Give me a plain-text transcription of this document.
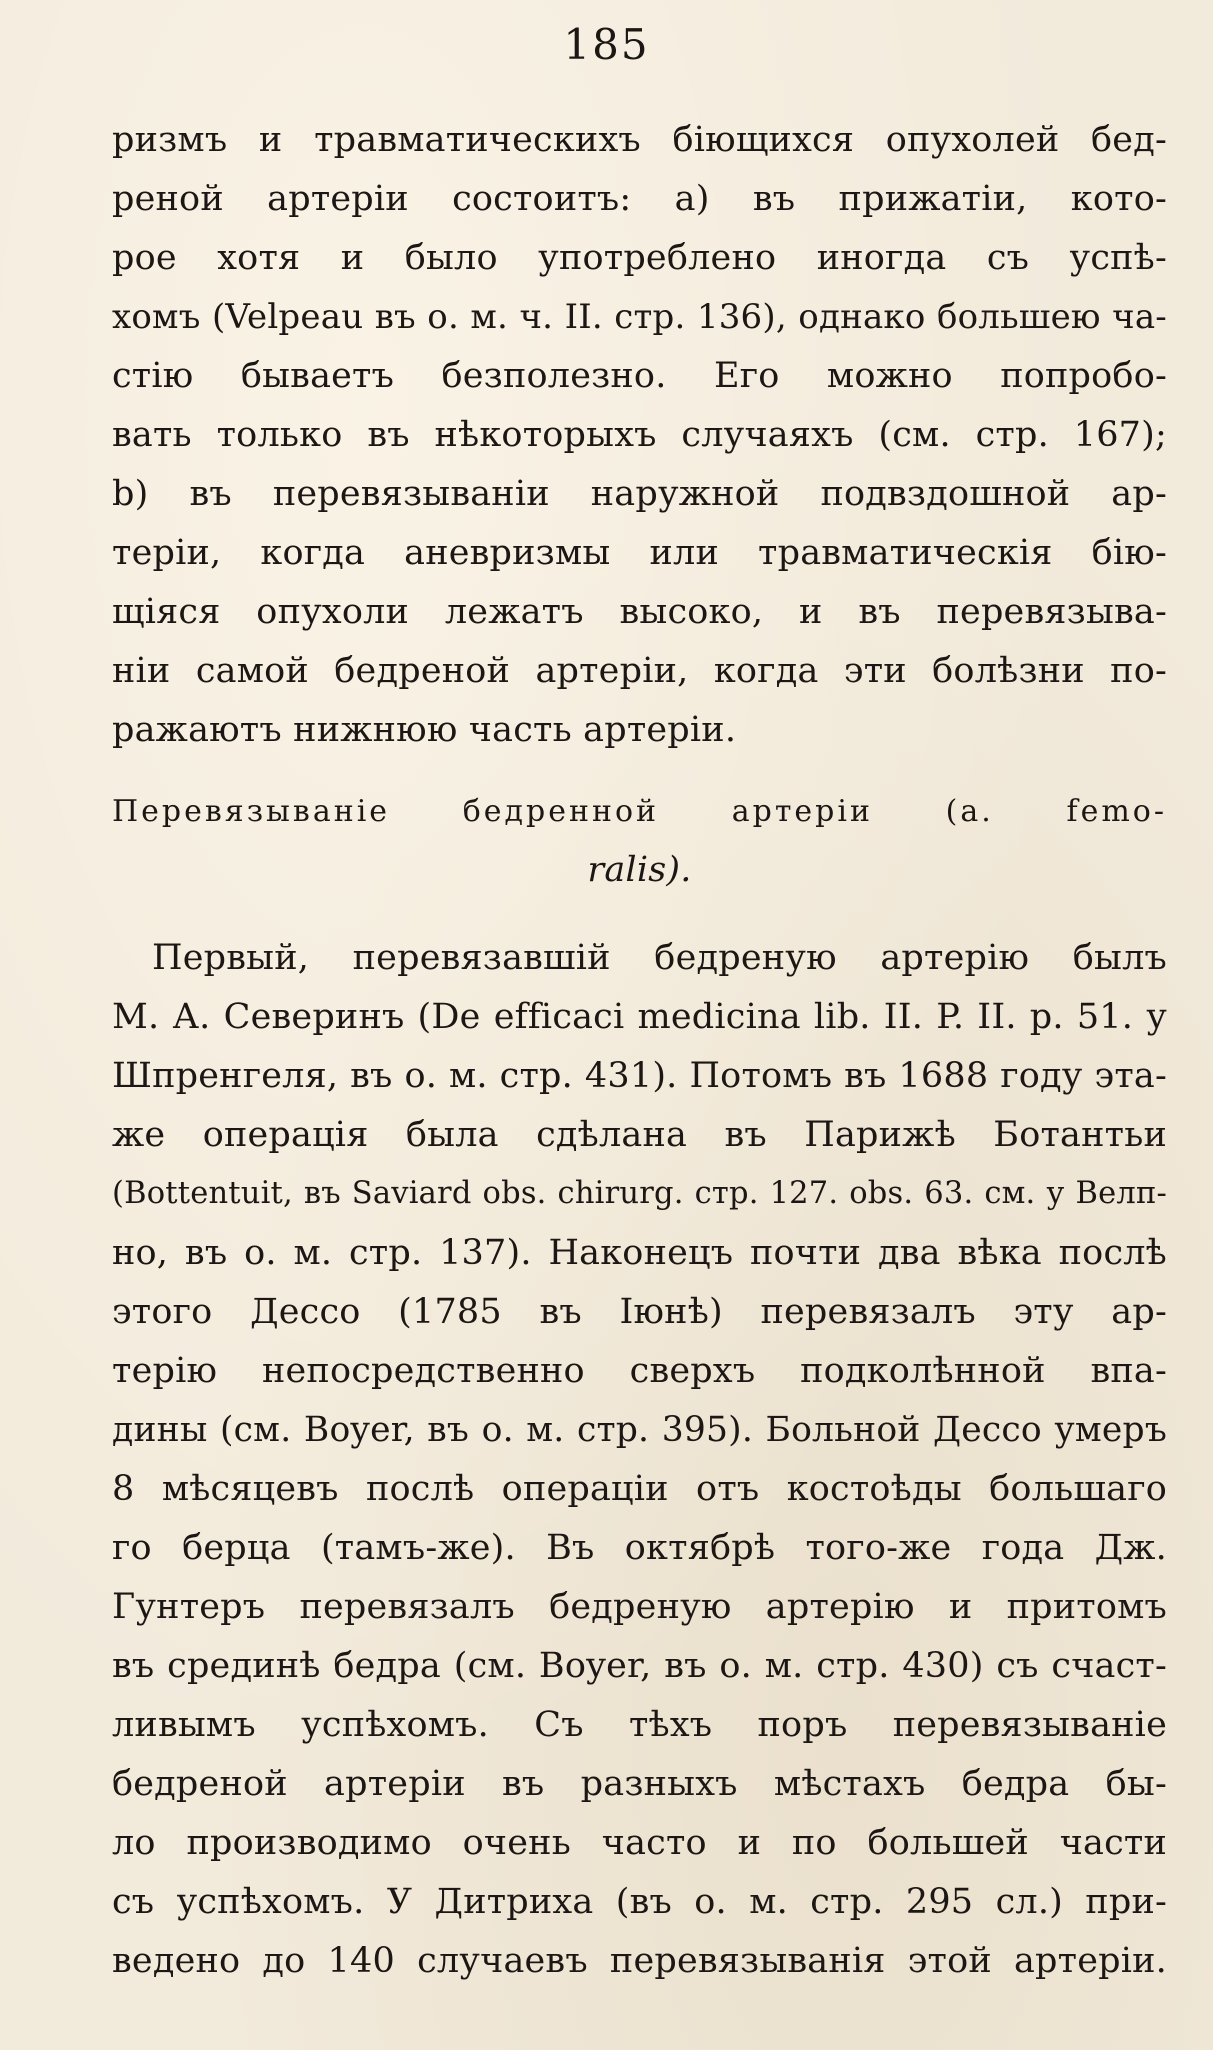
185
ризмъ и травматическихъ біющихся опухолей бед-
реной артеріи состоитъ: а) въ прижатіи, кото-
рое хотя и было употреблено иногда съ успѣ-
хомъ (Velpeau въ о. м. ч. II. стр. 136), однако большею ча-
стію бываетъ безполезно. Его можно попробо-
вать только въ нѣкоторыхъ случаяхъ (см. стр. 167);
b) въ перевязываніи наружной подвздошной ар-
теріи, когда аневризмы или травматическія бію-
щіяся опухоли лежатъ высоко, и въ перевязыва-
ніи самой бедреной артеріи, когда эти болѣзни по-
ражаютъ нижнюю часть артеріи.
Перевязываніе бедренной артеріи (a. femo-
ralis).
Первый, перевязавшій бедреную артерію былъ
М. А. Северинъ (De efficaci medicina lib. II. P. II. p. 51. у
Шпренгеля, въ о. м. стр. 431). Потомъ въ 1688 году эта-
же операція была сдѣлана въ Парижѣ Ботантьи
(Bottentuit, въ Saviard obs. chirurg. стр. 127. obs. 63. см. у Велп-
но, въ о. м. стр. 137). Наконецъ почти два вѣка послѣ
этого Дессо (1785 въ Іюнѣ) перевязалъ эту ар-
терію непосредственно сверхъ подколѣнной впа-
дины (см. Boyer, въ о. м. стр. 395). Больной Дессо умеръ
8 мѣсяцевъ послѣ операціи отъ костоѣды большаго
го берца (тамъ-же). Въ октябрѣ того-же года Дж.
Гунтеръ перевязалъ бедреную артерію и притомъ
въ срединѣ бедра (см. Boyer, въ о. м. стр. 430) съ счаст-
ливымъ успѣхомъ. Съ тѣхъ поръ перевязываніе
бедреной артеріи въ разныхъ мѣстахъ бедра бы-
ло производимо очень часто и по большей части
съ успѣхомъ. У Дитриха (въ о. м. стр. 295 сл.) при-
ведено до 140 случаевъ перевязыванія этой артеріи.
